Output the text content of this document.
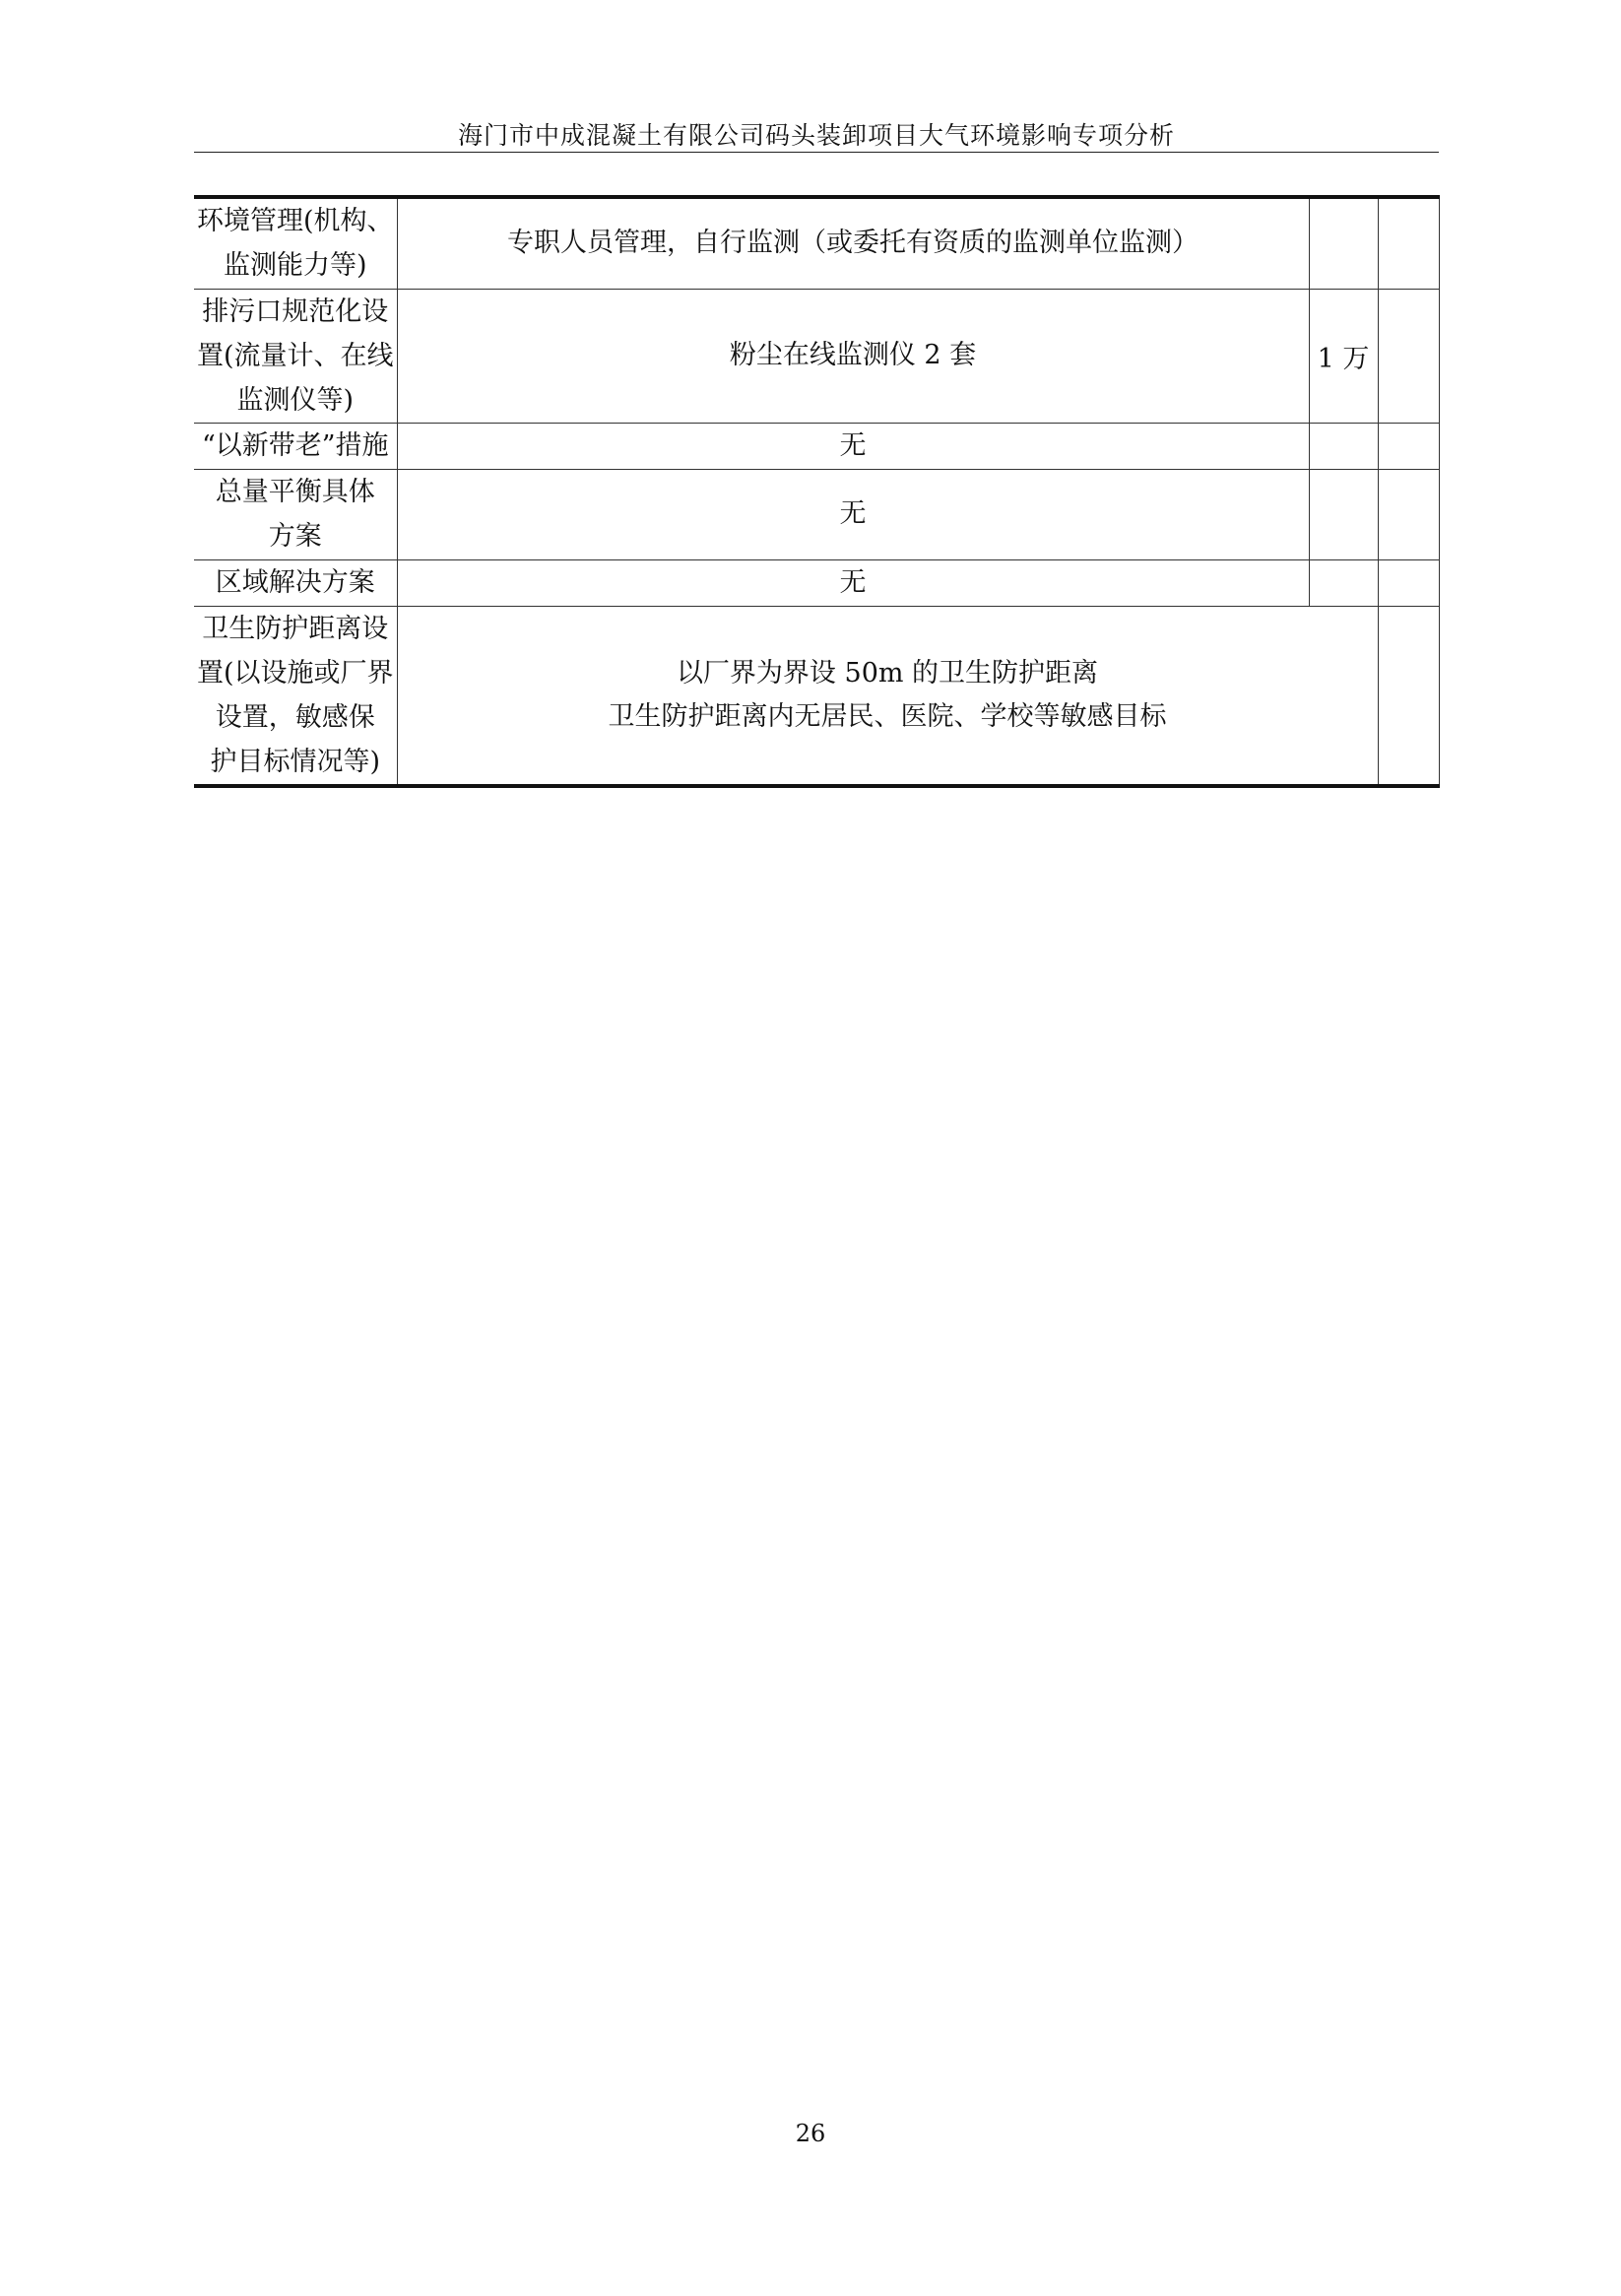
海门市中成混凝土有限公司码头装卸项目大气环境影响专项分析
环境管理(机构、
监测能力等)	专职人员管理，自行监测（或委托有资质的监测单位监测）		

排污口规范化设
置(流量计、在线
监测仪等)	粉尘在线监测仪 2 套	1 万	

“以新带老”措施	无		

总量平衡具体
方案	无		

区域解决方案	无		

卫生防护距离设
置(以设施或厂界
设置，敏感保
护目标情况等)	以厂界为界设 50m 的卫生防护距离
卫生防护距离内无居民、医院、学校等敏感目标		

26
